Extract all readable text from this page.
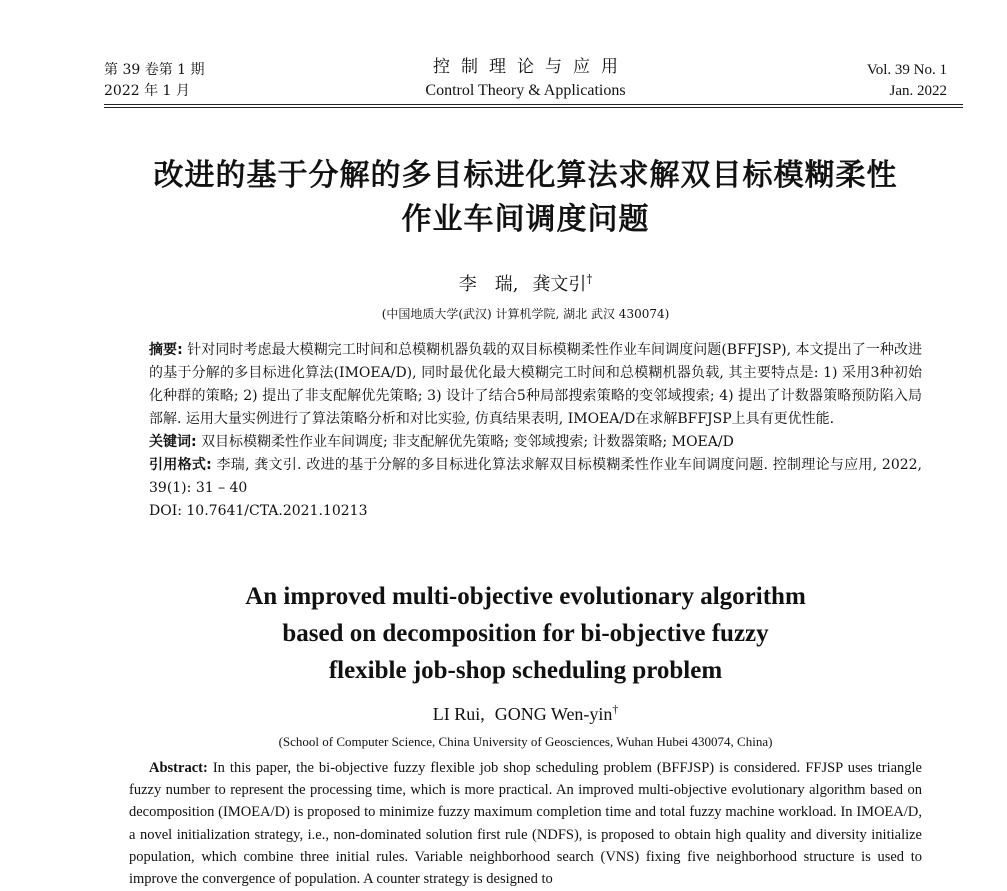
第 39 卷第 1 期
2022 年 1 月
控制理论与应用
Control Theory & Applications
Vol. 39 No. 1
Jan. 2022
改进的基于分解的多目标进化算法求解双目标模糊柔性
作业车间调度问题
李　瑞, 龚文引†
(中国地质大学(武汉) 计算机学院, 湖北 武汉 430074)

摘要: 针对同时考虑最大模糊完工时间和总模糊机器负载的双目标模糊柔性作业车间调度问题(BFFJSP), 本文提出了一种改进的基于分解的多目标进化算法(IMOEA/D), 同时最优化最大模糊完工时间和总模糊机器负载, 其主要特点是: 1) 采用3种初始化种群的策略; 2) 提出了非支配解优先策略; 3) 设计了结合5种局部搜索策略的变邻域搜索; 4) 提出了计数器策略预防陷入局部解. 运用大量实例进行了算法策略分析和对比实验, 仿真结果表明, IMOEA/D在求解BFFJSP上具有更优性能.

关键词: 双目标模糊柔性作业车间调度; 非支配解优先策略; 变邻域搜索; 计数器策略; MOEA/D

引用格式: 李瑞, 龚文引. 改进的基于分解的多目标进化算法求解双目标模糊柔性作业车间调度问题. 控制理论与应用, 2022, 39(1): 31 – 40

DOI: 10.7641/CTA.2021.10213

An improved multi-objective evolutionary algorithm
based on decomposition for bi-objective fuzzy
flexible job-shop scheduling problem
LI Rui, GONG Wen-yin†
(School of Computer Science, China University of Geosciences, Wuhan Hubei 430074, China)
Abstract: In this paper, the bi-objective fuzzy flexible job shop scheduling problem (BFFJSP) is considered. FFJSP uses triangle fuzzy number to represent the processing time, which is more practical. An improved multi-objective evolutionary algorithm based on decomposition (IMOEA/D) is proposed to minimize fuzzy maximum completion time and total fuzzy machine workload. In IMOEA/D, a novel initialization strategy, i.e., non-dominated solution first rule (NDFS), is proposed to obtain high quality and diversity initialize population, which combine three initial rules. Variable neighborhood search (VNS) fixing five neighborhood structure is used to improve the convergence of population. A counter strategy is designed to
